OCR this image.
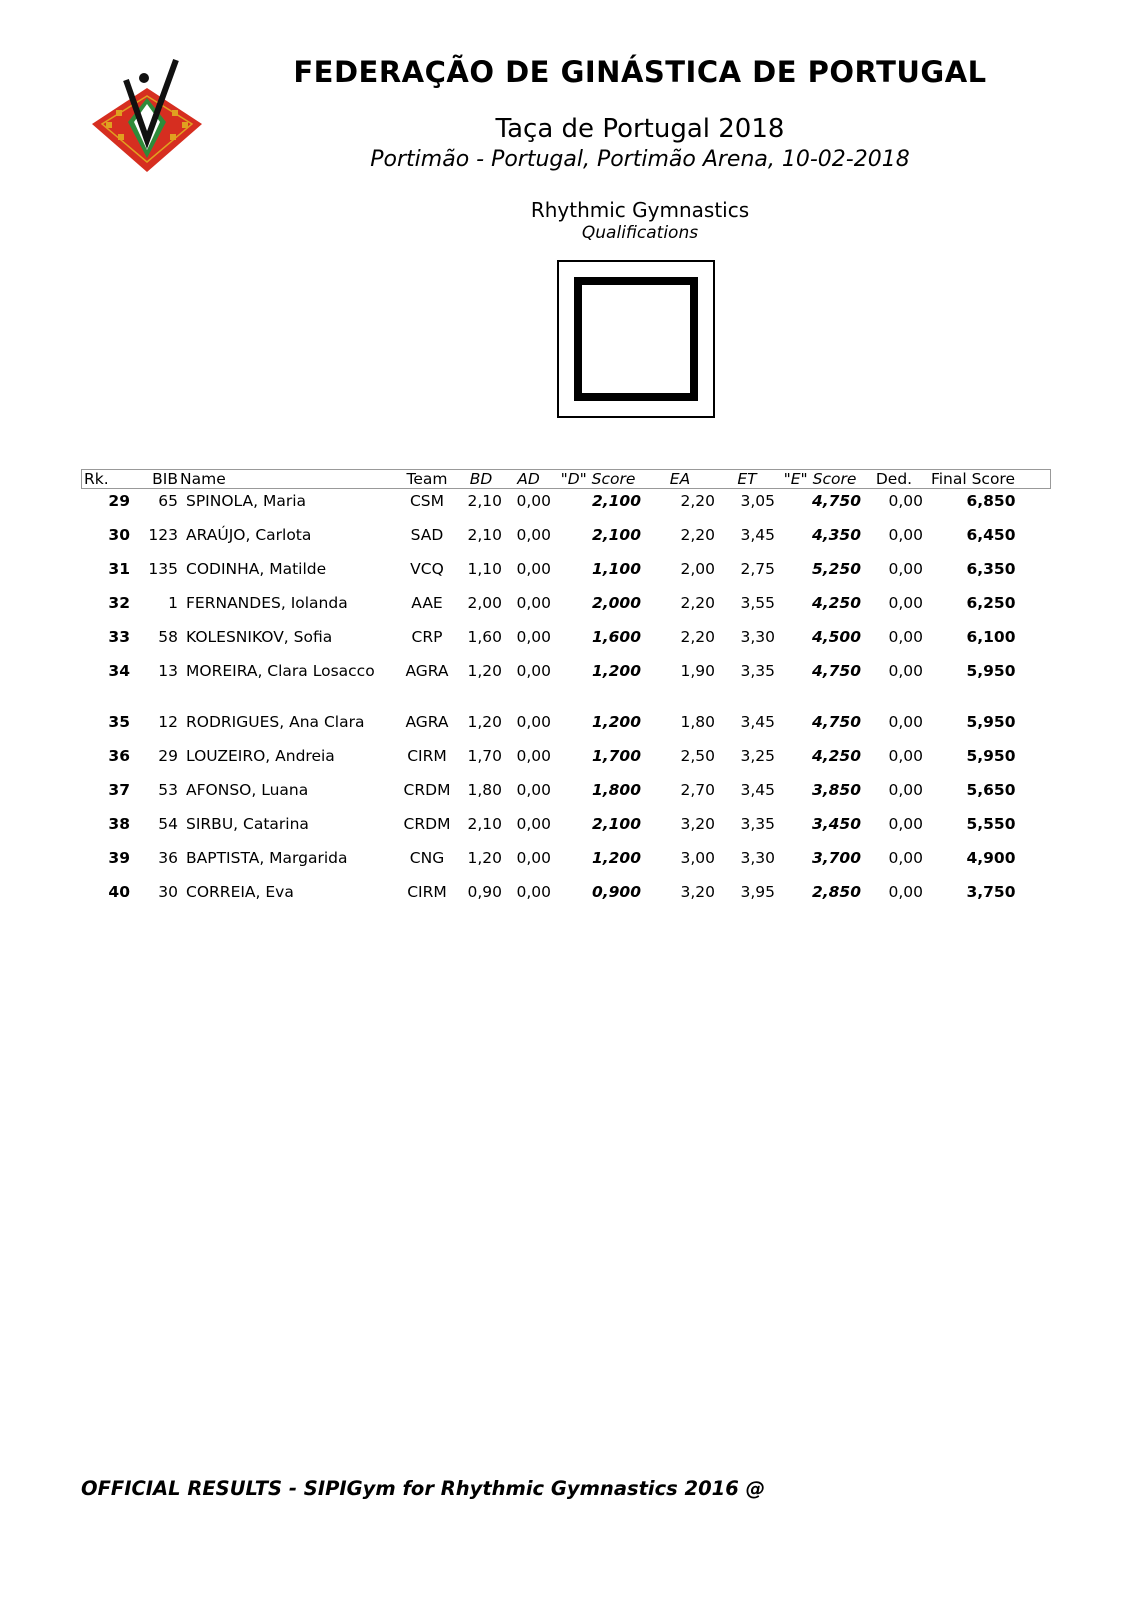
FEDERAÇÃO DE GINÁSTICA DE PORTUGAL
Taça de Portugal 2018
Portimão - Portugal, Portimão Arena, 10-02-2018
Rhythmic Gymnastics
Qualifications
Rk.	BIB	Name	Team	BD	AD	"D" Score	EA	ET	"E" Score	Ded.	Final Score
29	65	SPINOLA, Maria	CSM	2,10	0,00	2,100	2,20	3,05	4,750	0,00	6,850
30	123	ARAÚJO, Carlota	SAD	2,10	0,00	2,100	2,20	3,45	4,350	0,00	6,450
31	135	CODINHA, Matilde	VCQ	1,10	0,00	1,100	2,00	2,75	5,250	0,00	6,350
32	1	FERNANDES, Iolanda	AAE	2,00	0,00	2,000	2,20	3,55	4,250	0,00	6,250
33	58	KOLESNIKOV, Sofia	CRP	1,60	0,00	1,600	2,20	3,30	4,500	0,00	6,100
34	13	MOREIRA, Clara Losacco	AGRA	1,20	0,00	1,200	1,90	3,35	4,750	0,00	5,950
35	12	RODRIGUES, Ana Clara	AGRA	1,20	0,00	1,200	1,80	3,45	4,750	0,00	5,950
36	29	LOUZEIRO, Andreia	CIRM	1,70	0,00	1,700	2,50	3,25	4,250	0,00	5,950
37	53	AFONSO, Luana	CRDM	1,80	0,00	1,800	2,70	3,45	3,850	0,00	5,650
38	54	SIRBU, Catarina	CRDM	2,10	0,00	2,100	3,20	3,35	3,450	0,00	5,550
39	36	BAPTISTA, Margarida	CNG	1,20	0,00	1,200	3,00	3,30	3,700	0,00	4,900
40	30	CORREIA, Eva	CIRM	0,90	0,00	0,900	3,20	3,95	2,850	0,00	3,750
OFFICIAL RESULTS - SIPIGym for Rhythmic Gymnastics 2016 @
